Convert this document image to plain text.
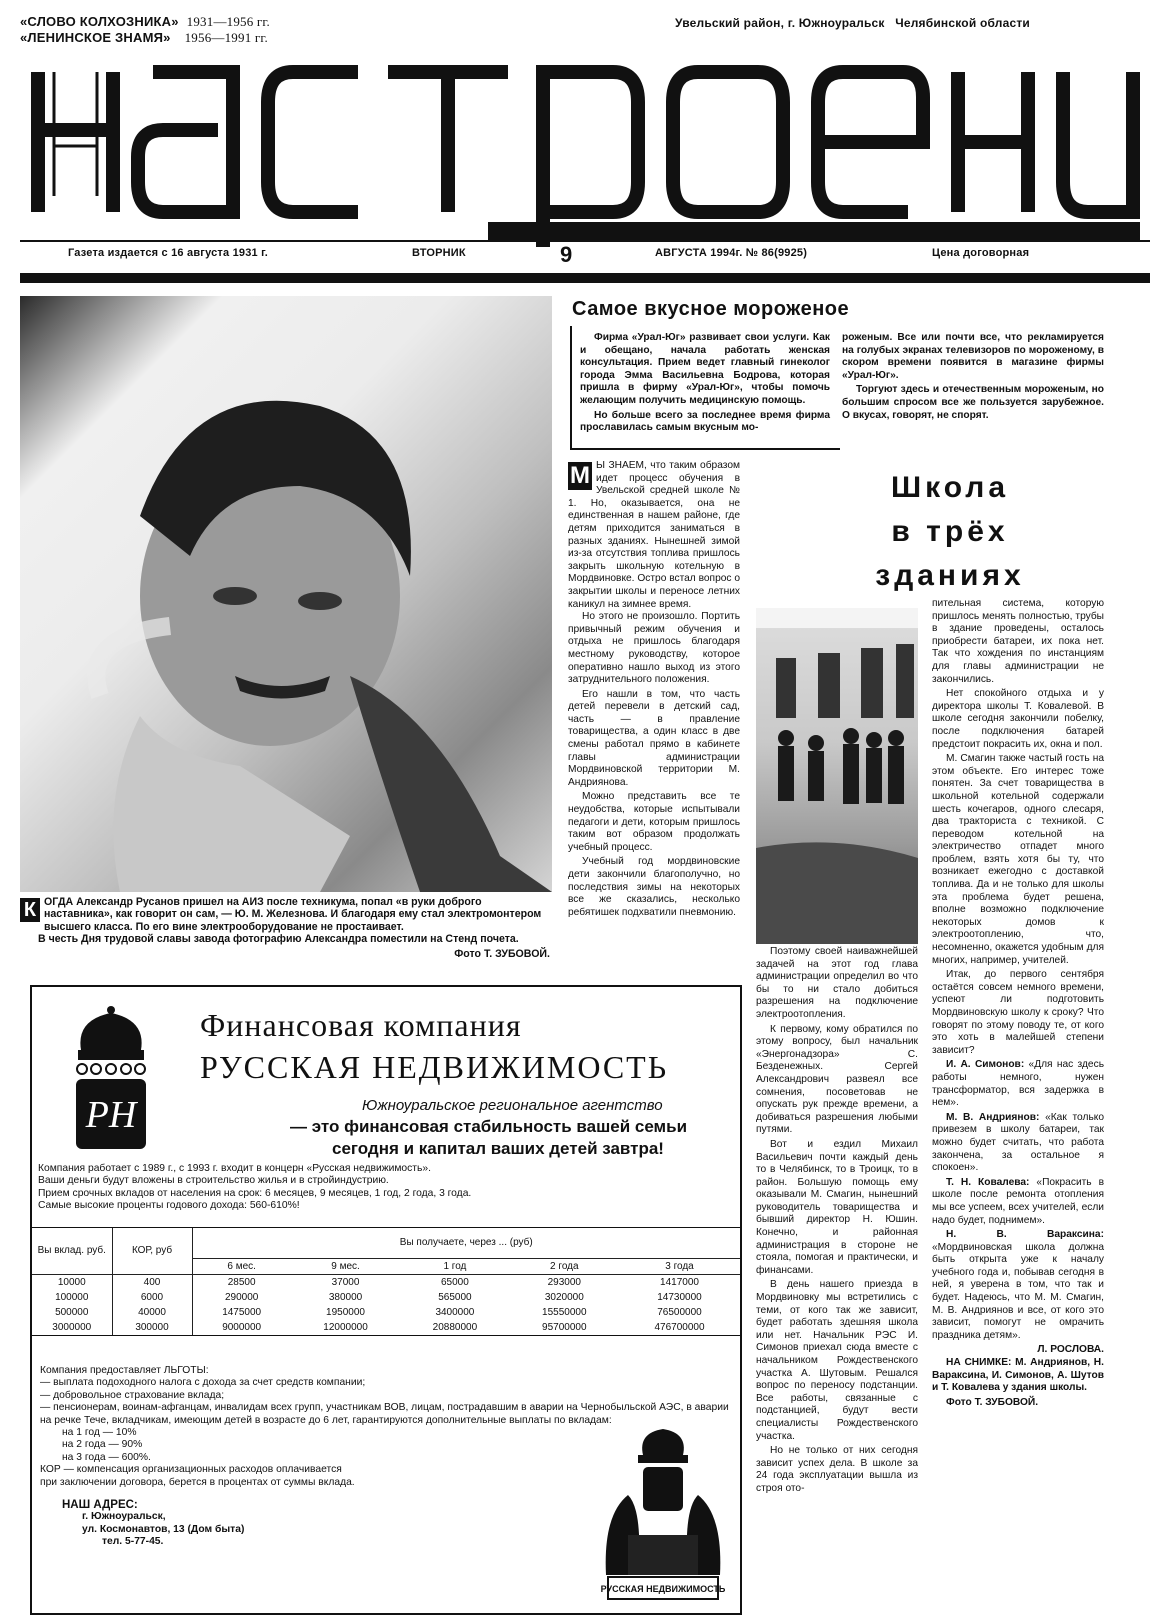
«СЛОВО КОЛХОЗНИКА» 1931—1956 гг.
«ЛЕНИНСКОЕ ЗНАМЯ» 1956—1991 гг.
Увельский район, г. Южноуральск   Челябинской области
Газета издается с 16 августа 1931 г.	ВТОРНИК	9	АВГУСТА 1994г. № 86(9925)	Цена договорная
К ОГДА Александр Русанов пришел на АИЗ после техникума, попал «в руки доброго наставника», как говорит он сам, — Ю. М. Железнова. И благодаря ему стал электромонтером высшего класса. По его вине электрооборудование не простаивает.
В честь Дня трудовой славы завода фотографию Александра поместили на Стенд почета.
Фото Т. ЗУБОВОЙ.
Самое вкусное мороженое

Фирма «Урал-Юг» развивает свои услуги. Как и обещано, начала работать женская консультация. Прием ведет главный гинеколог города Эмма Васильевна Бодрова, которая пришла в фирму «Урал-Юг», чтобы помочь желающим получить медицинскую помощь.

Но больше всего за последнее время фирма прославилась самым вкусным мо-

роженым. Все или почти все, что рекламируется на голубых экранах телевизоров по мороженому, в скором времени появится в магазине фирмы «Урал-Юг».

Торгуют здесь и отечественным мороженым, но большим спросом все же пользуется зарубежное. О вкусах, говорят, не спорят.

Школа
в трёх
зданиях
М Ы ЗНАЕМ, что таким образом идет процесс обучения в Увельской средней школе № 1. Но, оказывается, она не единственная в нашем районе, где детям приходится заниматься в разных зданиях. Нынешней зимой из-за отсутствия топлива пришлось закрыть школьную котельную в Мордвиновке. Остро встал вопрос о закрытии школы и переносе летних каникул на зимнее время.

Но этого не произошло. Портить привычный режим обучения и отдыха не пришлось благодаря местному руководству, которое оперативно нашло выход из этого затруднительного положения.

Его нашли в том, что часть детей перевели в детский сад, часть — в правление товарищества, а один класс в две смены работал прямо в кабинете главы администрации Мордвиновской территории М. Андриянова.

Можно представить все те неудобства, которые испытывали педагоги и дети, которым пришлось таким вот образом продолжать учебный процесс.

Учебный год мордвиновские дети закончили благополучно, но последствия зимы на некоторых все же сказались, несколько ребятишек подхватили пневмонию.

Поэтому своей наиважнейшей задачей на этот год глава администрации определил во что бы то ни стало добиться разрешения на подключение электроотопления.

К первому, кому обратился по этому вопросу, был начальник «Энергонадзора» С. Безденежных. Сергей Александрович развеял все сомнения, посоветовав не опускать рук прежде времени, а добиваться разрешения любыми путями.

Вот и ездил Михаил Васильевич почти каждый день то в Челябинск, то в Троицк, то в район. Большую помощь ему оказывали М. Смагин, нынешний руководитель товарищества и бывший директор Н. Юшин. Конечно, и районная администрация в стороне не стояла, помогая и практически, и финансами.

В день нашего приезда в Мордвиновку мы встретились с теми, от кого так же зависит, будет работать здешняя школа или нет. Начальник РЭС И. Симонов приехал сюда вместе с начальником Рождественского участка А. Шутовым. Решался вопрос по переносу подстанции. Все работы, связанные с подстанцией, будут вести специалисты Рождественского участка.

Но не только от них сегодня зависит успех дела. В школе за 24 года эксплуатации вышла из строя ото-

пительная система, которую пришлось менять полностью, трубы в здание проведены, осталось приобрести батареи, их пока нет. Так что хождения по инстанциям для главы администрации не закончились.

Нет спокойного отдыха и у директора школы Т. Ковалевой. В школе сегодня закончили побелку, после подключения батарей предстоит покрасить их, окна и пол.

М. Смагин также частый гость на этом объекте. Его интерес тоже понятен. За счет товарищества в школьной котельной содержали шесть кочегаров, одного слесаря, два тракториста с техникой. С переводом котельной на электричество отпадет много проблем, взять хотя бы ту, что возникает ежегодно с доставкой топлива. Да и не только для школы эта проблема будет решена, вполне возможно подключение некоторых домов к электроотоплению, что, несомненно, окажется удобным для многих, например, учителей.

Итак, до первого сентября остаётся совсем немного времени, успеют ли подготовить Мордвиновскую школу к сроку? Что говорят по этому поводу те, от кого это хоть в малейшей степени зависит?

И. А. Симонов: «Для нас здесь работы немного, нужен трансформатор, вся задержка в нем».

М. В. Андриянов: «Как только привезем в школу батареи, так можно будет считать, что работа закончена, за остальное я спокоен».

Т. Н. Ковалева: «Покрасить в школе после ремонта отопления мы все успеем, всех учителей, если надо будет, поднимем».

Н. В. Вараксина: «Мордвиновская школа должна быть открыта уже к началу учебного года и, побывав сегодня в ней, я уверена в том, что так и будет. Надеюсь, что М. М. Смагин, М. В. Андриянов и все, от кого это зависит, помогут не омрачить праздника детям».

Л. РОСЛОВА.

НА СНИМКЕ: М. Андриянов, Н. Вараксина, И. Симонов, А. Шутов и Т. Ковалева у здания школы.

Фото Т. ЗУБОВОЙ.

РН
Финансовая компания
РУССКАЯ НЕДВИЖИМОСТЬ
Южноуральское региональное агентство
— это финансовая стабильность вашей семьи
сегодня и капитал ваших детей завтра!
Компания работает с 1989 г., с 1993 г. входит в концерн «Русская недвижимость».
Ваши деньги будут вложены в строительство жилья и в стройиндустрию.
Прием срочных вкладов от населения на срок: 6 месяцев, 9 месяцев, 1 год, 2 года, 3 года.
Самые высокие проценты годового дохода: 560-610%!
Вы вклад. руб.	КОР, руб	Вы получаете, через ... (руб)				
		6 мес.	9 мес.	1 год	2 года	3 года
10000	400	28500	37000	65000	293000	1417000
100000	6000	290000	380000	565000	3020000	14730000
500000	40000	1475000	1950000	3400000	15550000	76500000
3000000	300000	9000000	12000000	20880000	95700000	476700000
Компания предоставляет ЛЬГОТЫ:
— выплата подоходного налога с дохода за счет средств компании;
— добровольное страхование вклада;
— пенсионерам, воинам-афганцам, инвалидам всех групп, участникам ВОВ, лицам, пострадавшим в аварии на Чернобыльской АЭС, в аварии на речке Тече, вкладчикам, имеющим детей в возрасте до 6 лет, гарантируются дополнительные выплаты по вкладам:
на 1 год — 10%
на 2 года — 90%
на 3 года — 600%.
КОР — компенсация организационных расходов оплачивается
при заключении договора, берется в процентах от суммы вклада.
НАШ АДРЕС:
г. Южноуральск,
ул. Космонавтов, 13 (Дом быта)
тел. 5-77-45.
РУССКАЯ НЕДВИЖИМОСТЬ
